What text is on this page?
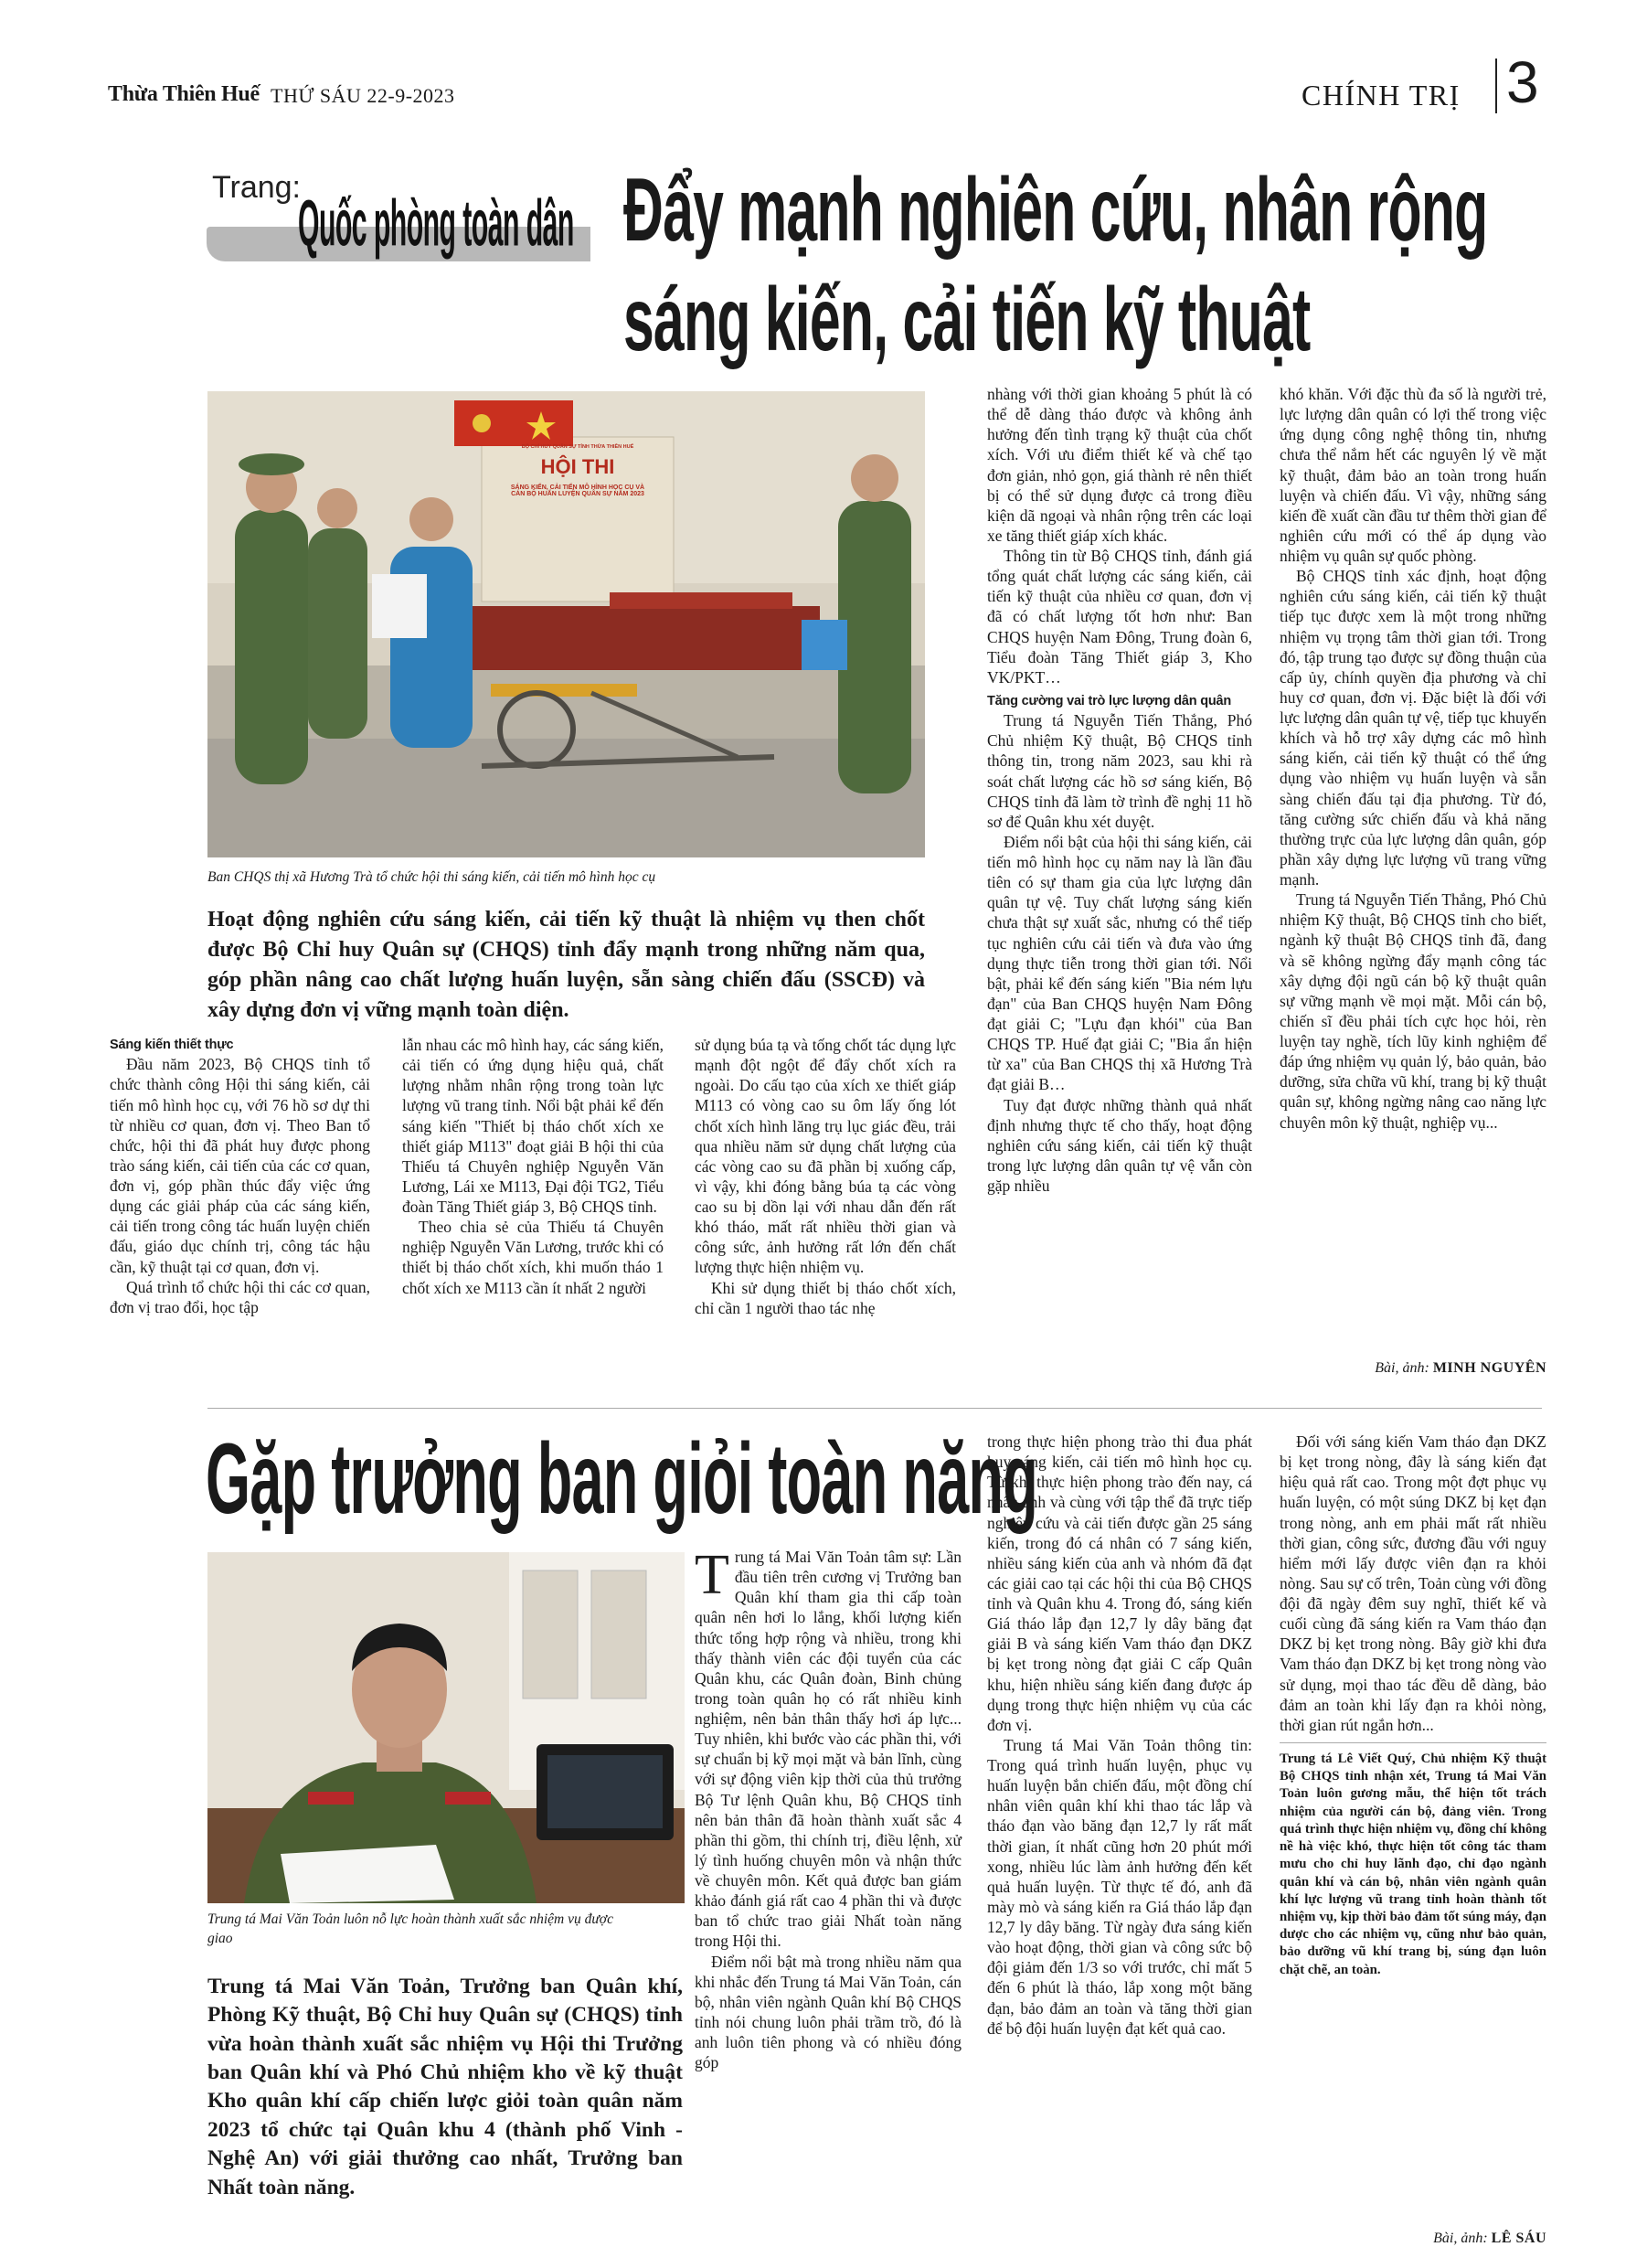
Thừa Thiên Huế THỨ SÁU 22-9-2023	CHÍNH TRỊ 3
Trang:
Quốc phòng toàn dân Đẩy mạnh nghiên cứu, nhân rộng
sáng kiến, cải tiến kỹ thuật
BỘ CHỈ HUY QUÂN SỰ TỈNH THỪA THIÊN HUẾ
HỘI THI
SÁNG KIẾN, CẢI TIẾN MÔ HÌNH HỌC CỤ VÀ
CÁN BỘ HUẤN LUYỆN QUÂN SỰ NĂM 2023
Ban CHQS thị xã Hương Trà tổ chức hội thi sáng kiến, cải tiến mô hình học cụ
Hoạt động nghiên cứu sáng kiến, cải tiến kỹ thuật là nhiệm vụ then chốt được Bộ Chỉ huy Quân sự (CHQS) tỉnh đẩy mạnh trong những năm qua, góp phần nâng cao chất lượng huấn luyện, sẵn sàng chiến đấu (SSCĐ) và xây dựng đơn vị vững mạnh toàn diện.

Sáng kiến thiết thực

Đầu năm 2023, Bộ CHQS tỉnh tổ chức thành công Hội thi sáng kiến, cải tiến mô hình học cụ, với 76 hồ sơ dự thi từ nhiều cơ quan, đơn vị. Theo Ban tổ chức, hội thi đã phát huy được phong trào sáng kiến, cải tiến của các cơ quan, đơn vị, góp phần thúc đẩy việc ứng dụng các giải pháp của các sáng kiến, cải tiến trong công tác huấn luyện chiến đấu, giáo dục chính trị, công tác hậu cần, kỹ thuật tại cơ quan, đơn vị.

Quá trình tổ chức hội thi các cơ quan, đơn vị trao đổi, học tập

lẫn nhau các mô hình hay, các sáng kiến, cải tiến có ứng dụng hiệu quả, chất lượng nhằm nhân rộng trong toàn lực lượng vũ trang tỉnh. Nổi bật phải kể đến sáng kiến "Thiết bị tháo chốt xích xe thiết giáp M113" đoạt giải B hội thi của Thiếu tá Chuyên nghiệp Nguyễn Văn Lương, Lái xe M113, Đại đội TG2, Tiểu đoàn Tăng Thiết giáp 3, Bộ CHQS tỉnh.

Theo chia sẻ của Thiếu tá Chuyên nghiệp Nguyễn Văn Lương, trước khi có thiết bị tháo chốt xích, khi muốn tháo 1 chốt xích xe M113 cần ít nhất 2 người

sử dụng búa tạ và tống chốt tác dụng lực mạnh đột ngột để đẩy chốt xích ra ngoài. Do cấu tạo của xích xe thiết giáp M113 có vòng cao su ôm lấy ống lót chốt xích hình lăng trụ lục giác đều, trải qua nhiều năm sử dụng chất lượng của các vòng cao su đã phần bị xuống cấp, vì vậy, khi đóng bằng búa tạ các vòng cao su bị dồn lại với nhau dẫn đến rất khó tháo, mất rất nhiều thời gian và công sức, ảnh hưởng rất lớn đến chất lượng thực hiện nhiệm vụ.

Khi sử dụng thiết bị tháo chốt xích, chỉ cần 1 người thao tác nhẹ

nhàng với thời gian khoảng 5 phút là có thể dễ dàng tháo được và không ảnh hưởng đến tình trạng kỹ thuật của chốt xích. Với ưu điểm thiết kế và chế tạo đơn giản, nhỏ gọn, giá thành rẻ nên thiết bị có thể sử dụng được cả trong điều kiện dã ngoại và nhân rộng trên các loại xe tăng thiết giáp xích khác.

Thông tin từ Bộ CHQS tỉnh, đánh giá tổng quát chất lượng các sáng kiến, cải tiến kỹ thuật của nhiều cơ quan, đơn vị đã có chất lượng tốt hơn như: Ban CHQS huyện Nam Đông, Trung đoàn 6, Tiểu đoàn Tăng Thiết giáp 3, Kho VK/PKT…

Tăng cường vai trò lực lượng dân quân

Trung tá Nguyễn Tiến Thắng, Phó Chủ nhiệm Kỹ thuật, Bộ CHQS tỉnh thông tin, trong năm 2023, sau khi rà soát chất lượng các hồ sơ sáng kiến, Bộ CHQS tỉnh đã làm tờ trình đề nghị 11 hồ sơ để Quân khu xét duyệt.

Điểm nổi bật của hội thi sáng kiến, cải tiến mô hình học cụ năm nay là lần đầu tiên có sự tham gia của lực lượng dân quân tự vệ. Tuy chất lượng sáng kiến chưa thật sự xuất sắc, nhưng có thể tiếp tục nghiên cứu cải tiến và đưa vào ứng dụng thực tiễn trong thời gian tới. Nổi bật, phải kể đến sáng kiến "Bia ném lựu đạn" của Ban CHQS huyện Nam Đông đạt giải C; "Lựu đạn khói" của Ban CHQS TP. Huế đạt giải C; "Bia ẩn hiện từ xa" của Ban CHQS thị xã Hương Trà đạt giải B…

Tuy đạt được những thành quả nhất định nhưng thực tế cho thấy, hoạt động nghiên cứu sáng kiến, cải tiến kỹ thuật trong lực lượng dân quân tự vệ vẫn còn gặp nhiều

khó khăn. Với đặc thù đa số là người trẻ, lực lượng dân quân có lợi thế trong việc ứng dụng công nghệ thông tin, nhưng chưa thể nắm hết các nguyên lý về mặt kỹ thuật, đảm bảo an toàn trong huấn luyện và chiến đấu. Vì vậy, những sáng kiến đề xuất cần đầu tư thêm thời gian để nghiên cứu mới có thể áp dụng vào nhiệm vụ quân sự quốc phòng.

Bộ CHQS tỉnh xác định, hoạt động nghiên cứu sáng kiến, cải tiến kỹ thuật tiếp tục được xem là một trong những nhiệm vụ trọng tâm thời gian tới. Trong đó, tập trung tạo được sự đồng thuận của cấp ủy, chính quyền địa phương và chỉ huy cơ quan, đơn vị. Đặc biệt là đối với lực lượng dân quân tự vệ, tiếp tục khuyến khích và hỗ trợ xây dựng các mô hình sáng kiến, cải tiến kỹ thuật có thể ứng dụng vào nhiệm vụ huấn luyện và sẵn sàng chiến đấu tại địa phương. Từ đó, tăng cường sức chiến đấu và khả năng thường trực của lực lượng dân quân, góp phần xây dựng lực lượng vũ trang vững mạnh.

Trung tá Nguyễn Tiến Thắng, Phó Chủ nhiệm Kỹ thuật, Bộ CHQS tỉnh cho biết, ngành kỹ thuật Bộ CHQS tỉnh đã, đang và sẽ không ngừng đẩy mạnh công tác xây dựng đội ngũ cán bộ kỹ thuật quân sự vững mạnh về mọi mặt. Mỗi cán bộ, chiến sĩ đều phải tích cực học hỏi, rèn luyện tay nghề, tích lũy kinh nghiệm để đáp ứng nhiệm vụ quản lý, bảo quản, bảo dưỡng, sửa chữa vũ khí, trang bị kỹ thuật quân sự, không ngừng nâng cao năng lực chuyên môn kỹ thuật, nghiệp vụ...

Bài, ảnh: MINH NGUYÊN
Gặp trưởng ban giỏi toàn năng
Trung tá Mai Văn Toản luôn nỗ lực hoàn thành xuất sắc nhiệm vụ được giao
Trung tá Mai Văn Toản, Trưởng ban Quân khí, Phòng Kỹ thuật, Bộ Chỉ huy Quân sự (CHQS) tỉnh vừa hoàn thành xuất sắc nhiệm vụ Hội thi Trưởng ban Quân khí và Phó Chủ nhiệm kho về kỹ thuật Kho quân khí cấp chiến lược giỏi toàn quân năm 2023 tổ chức tại Quân khu 4 (thành phố Vinh - Nghệ An) với giải thưởng cao nhất, Trưởng ban Nhất toàn năng.

Trung tá Mai Văn Toản tâm sự: Lần đầu tiên trên cương vị Trưởng ban Quân khí tham gia thi cấp toàn quân nên hơi lo lắng, khối lượng kiến thức tổng hợp rộng và nhiều, trong khi thấy thành viên các đội tuyển của các Quân khu, các Quân đoàn, Binh chủng trong toàn quân họ có rất nhiều kinh nghiệm, nên bản thân thấy hơi áp lực... Tuy nhiên, khi bước vào các phần thi, với sự chuẩn bị kỹ mọi mặt và bản lĩnh, cùng với sự động viên kịp thời của thủ trưởng Bộ Tư lệnh Quân khu, Bộ CHQS tỉnh nên bản thân đã hoàn thành xuất sắc 4 phần thi gồm, thi chính trị, điều lệnh, xử lý tình huống chuyên môn và nhận thức về chuyên môn. Kết quả được ban giám khảo đánh giá rất cao 4 phần thi và được ban tổ chức trao giải Nhất toàn năng trong Hội thi.

Điểm nổi bật mà trong nhiều năm qua khi nhắc đến Trung tá Mai Văn Toản, cán bộ, nhân viên ngành Quân khí Bộ CHQS tỉnh nói chung luôn phải trầm trồ, đó là anh luôn tiên phong và có nhiều đóng góp

trong thực hiện phong trào thi đua phát huy sáng kiến, cải tiến mô hình học cụ. Từ khi thực hiện phong trào đến nay, cá nhân anh và cùng với tập thể đã trực tiếp nghiên cứu và cải tiến được gần 25 sáng kiến, trong đó cá nhân có 7 sáng kiến, nhiều sáng kiến của anh và nhóm đã đạt các giải cao tại các hội thi của Bộ CHQS tỉnh và Quân khu 4. Trong đó, sáng kiến Giá tháo lắp đạn 12,7 ly dây băng đạt giải B và sáng kiến Vam tháo đạn DKZ bị kẹt trong nòng đạt giải C cấp Quân khu, hiện nhiều sáng kiến đang được áp dụng trong thực hiện nhiệm vụ của các đơn vị.

Trung tá Mai Văn Toản thông tin: Trong quá trình huấn luyện, phục vụ huấn luyện bắn chiến đấu, một đồng chí nhân viên quân khí khi thao tác lắp và tháo đạn vào băng đạn 12,7 ly rất mất thời gian, ít nhất cũng hơn 20 phút mới xong, nhiều lúc làm ảnh hưởng đến kết quả huấn luyện. Từ thực tế đó, anh đã mày mò và sáng kiến ra Giá tháo lắp đạn 12,7 ly dây băng. Từ ngày đưa sáng kiến vào hoạt động, thời gian và công sức bộ đội giảm đến 1/3 so với trước, chỉ mất 5 đến 6 phút là tháo, lắp xong một băng đạn, bảo đảm an toàn và tăng thời gian để bộ đội huấn luyện đạt kết quả cao.

Đối với sáng kiến Vam tháo đạn DKZ bị kẹt trong nòng, đây là sáng kiến đạt hiệu quả rất cao. Trong một đợt phục vụ huấn luyện, có một súng DKZ bị kẹt đạn trong nòng, anh em phải mất rất nhiều thời gian, công sức, đương đầu với nguy hiểm mới lấy được viên đạn ra khỏi nòng. Sau sự cố trên, Toản cùng với đồng đội đã ngày đêm suy nghĩ, thiết kế và cuối cùng đã sáng kiến ra Vam tháo đạn DKZ bị kẹt trong nòng. Bây giờ khi đưa Vam tháo đạn DKZ bị kẹt trong nòng vào sử dụng, mọi thao tác đều dễ dàng, bảo đảm an toàn khi lấy đạn ra khỏi nòng, thời gian rút ngắn hơn...

Trung tá Lê Viết Quý, Chủ nhiệm Kỹ thuật Bộ CHQS tỉnh nhận xét, Trung tá Mai Văn Toản luôn gương mẫu, thể hiện tốt trách nhiệm của người cán bộ, đảng viên. Trong quá trình thực hiện nhiệm vụ, đồng chí không nề hà việc khó, thực hiện tốt công tác tham mưu cho chỉ huy lãnh đạo, chỉ đạo ngành quân khí và cán bộ, nhân viên ngành quân khí lực lượng vũ trang tỉnh hoàn thành tốt nhiệm vụ, kịp thời bảo đảm tốt súng máy, đạn dược cho các nhiệm vụ, cũng như bảo quản, bảo dưỡng vũ khí trang bị, súng đạn luôn chặt chẽ, an toàn.

Bài, ảnh: LÊ SÁU
